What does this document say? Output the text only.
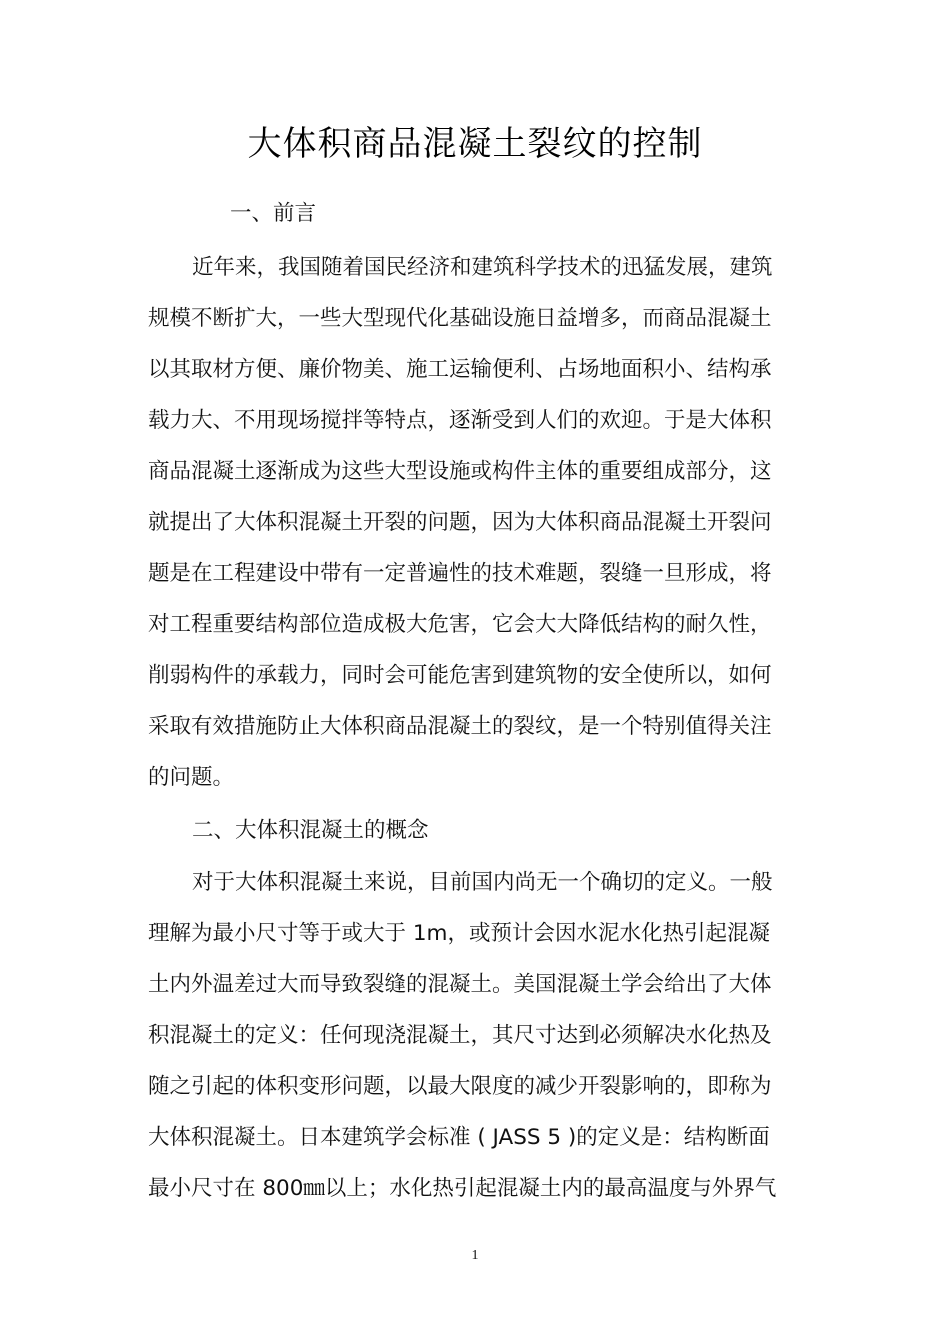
大体积商品混凝土裂纹的控制
一、前言
近年来，我国随着国民经济和建筑科学技术的迅猛发展，建筑
规模不断扩大，一些大型现代化基础设施日益增多，而商品混凝土
以其取材方便、廉价物美、施工运输便利、占场地面积小、结构承
载力大、不用现场搅拌等特点，逐渐受到人们的欢迎。于是大体积
商品混凝土逐渐成为这些大型设施或构件主体的重要组成部分，这
就提出了大体积混凝土开裂的问题，因为大体积商品混凝土开裂问
题是在工程建设中带有一定普遍性的技术难题，裂缝一旦形成，将
对工程重要结构部位造成极大危害，它会大大降低结构的耐久性，
削弱构件的承载力，同时会可能危害到建筑物的安全使所以，如何
采取有效措施防止大体积商品混凝土的裂纹，是一个特别值得关注
的问题。
二、大体积混凝土的概念
对于大体积混凝土来说，目前国内尚无一个确切的定义。一般
理解为最小尺寸等于或大于 1m，或预计会因水泥水化热引起混凝
土内外温差过大而导致裂缝的混凝土。美国混凝土学会给出了大体
积混凝土的定义：任何现浇混凝土，其尺寸达到必须解决水化热及
随之引起的体积变形问题，以最大限度的减少开裂影响的，即称为
大体积混凝土。日本建筑学会标准 ( JASS 5 )的定义是：结构断面
最小尺寸在 800㎜以上；水化热引起混凝土内的最高温度与外界气
1
